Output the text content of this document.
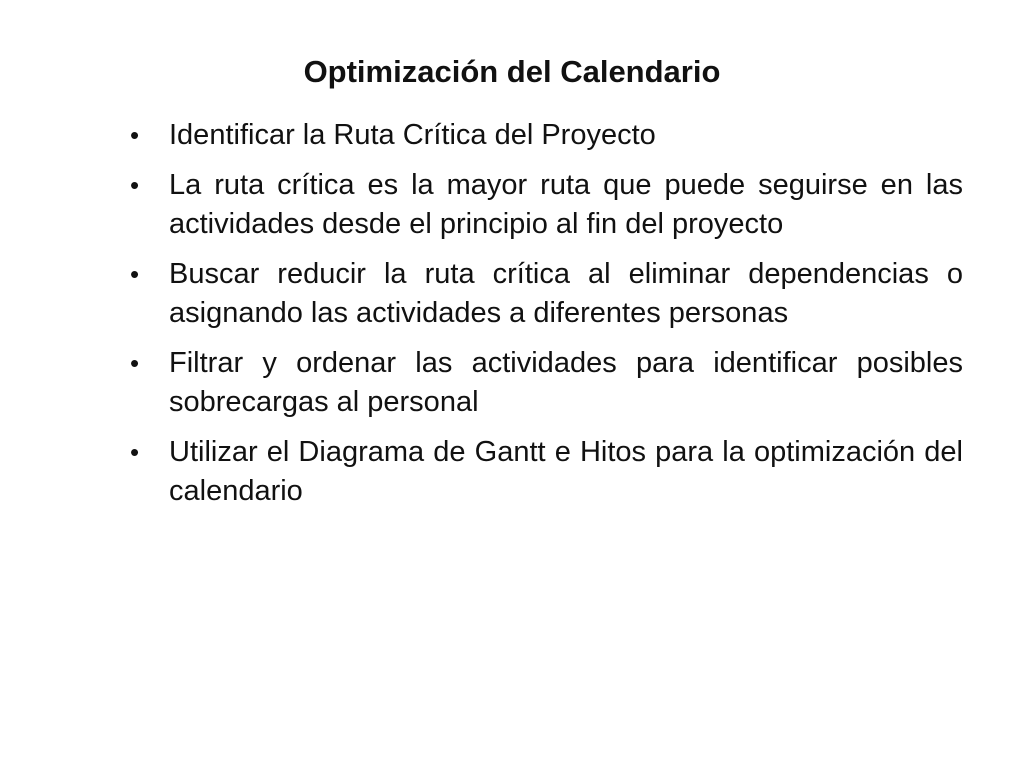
Optimización del Calendario
• Identificar la Ruta Crítica del Proyecto
• La ruta crítica es la mayor ruta que puede seguirse en las actividades desde el principio al fin del proyecto
• Buscar reducir la ruta crítica al eliminar dependencias o asignando las actividades a diferentes personas
• Filtrar y ordenar las actividades para identificar posibles sobrecargas al personal
• Utilizar el Diagrama de Gantt e Hitos para la optimización del calendario
